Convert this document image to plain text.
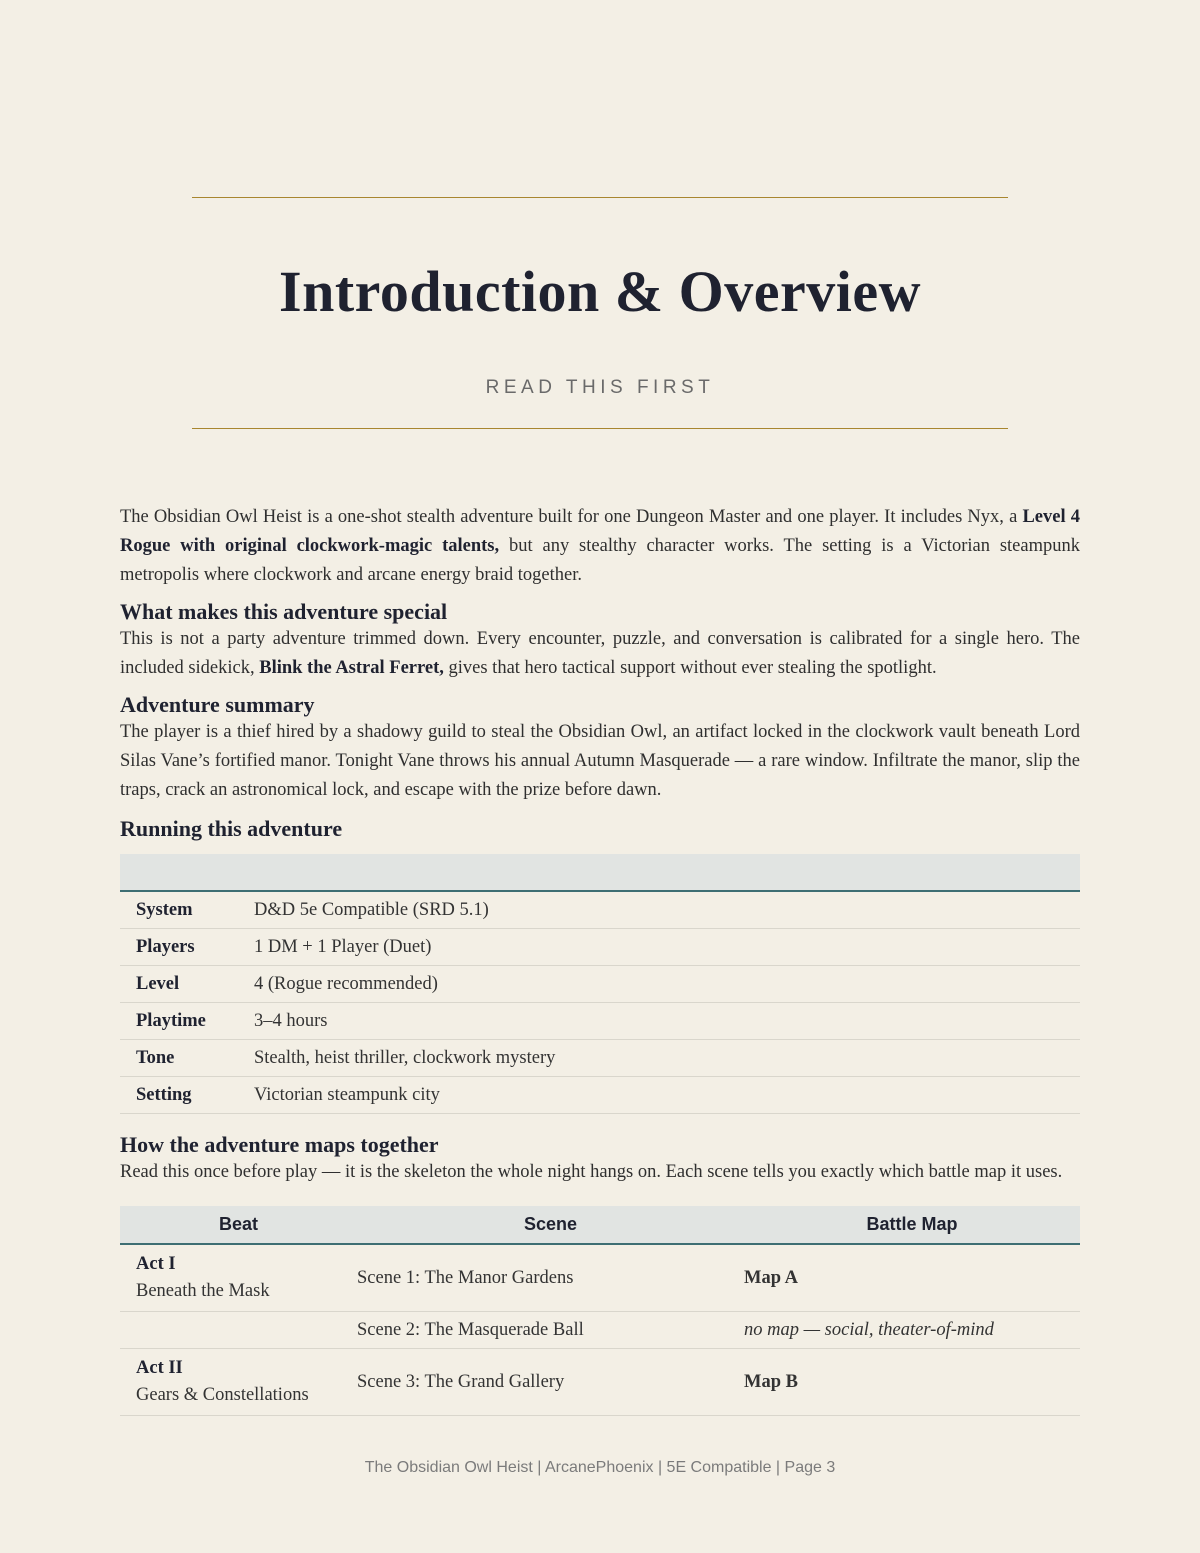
Introduction & Overview
READ THIS FIRST

The Obsidian Owl Heist is a one-shot stealth adventure built for one Dungeon Master and one player. It includes Nyx, a Level 4 Rogue with original clockwork-magic talents, but any stealthy character works. The setting is a Victorian steampunk metropolis where clockwork and arcane energy braid together.

What makes this adventure special

This is not a party adventure trimmed down. Every encounter, puzzle, and conversation is calibrated for a single hero. The included sidekick, Blink the Astral Ferret, gives that hero tactical support without ever stealing the spotlight.

Adventure summary

The player is a thief hired by a shadowy guild to steal the Obsidian Owl, an artifact locked in the clockwork vault beneath Lord Silas Vane’s fortified manor. Tonight Vane throws his annual Autumn Masquerade — a rare window. Infiltrate the manor, slip the traps, crack an astronomical lock, and escape with the prize before dawn.

Running this adventure

System	D&D 5e Compatible (SRD 5.1)
Players	1 DM + 1 Player (Duet)
Level	4 (Rogue recommended)
Playtime	3–4 hours
Tone	Stealth, heist thriller, clockwork mystery
Setting	Victorian steampunk city
How the adventure maps together

Read this once before play — it is the skeleton the whole night hangs on. Each scene tells you exactly which battle map it uses.

Beat	Scene	Battle Map

Act I
Beneath the Mask	Scene 1: The Manor Gardens	Map A
	Scene 2: The Masquerade Ball	no map — social, theater-of-mind

Act II
Gears & Constellations	Scene 3: The Grand Gallery	Map B
The Obsidian Owl Heist | ArcanePhoenix | 5E Compatible | Page 3
